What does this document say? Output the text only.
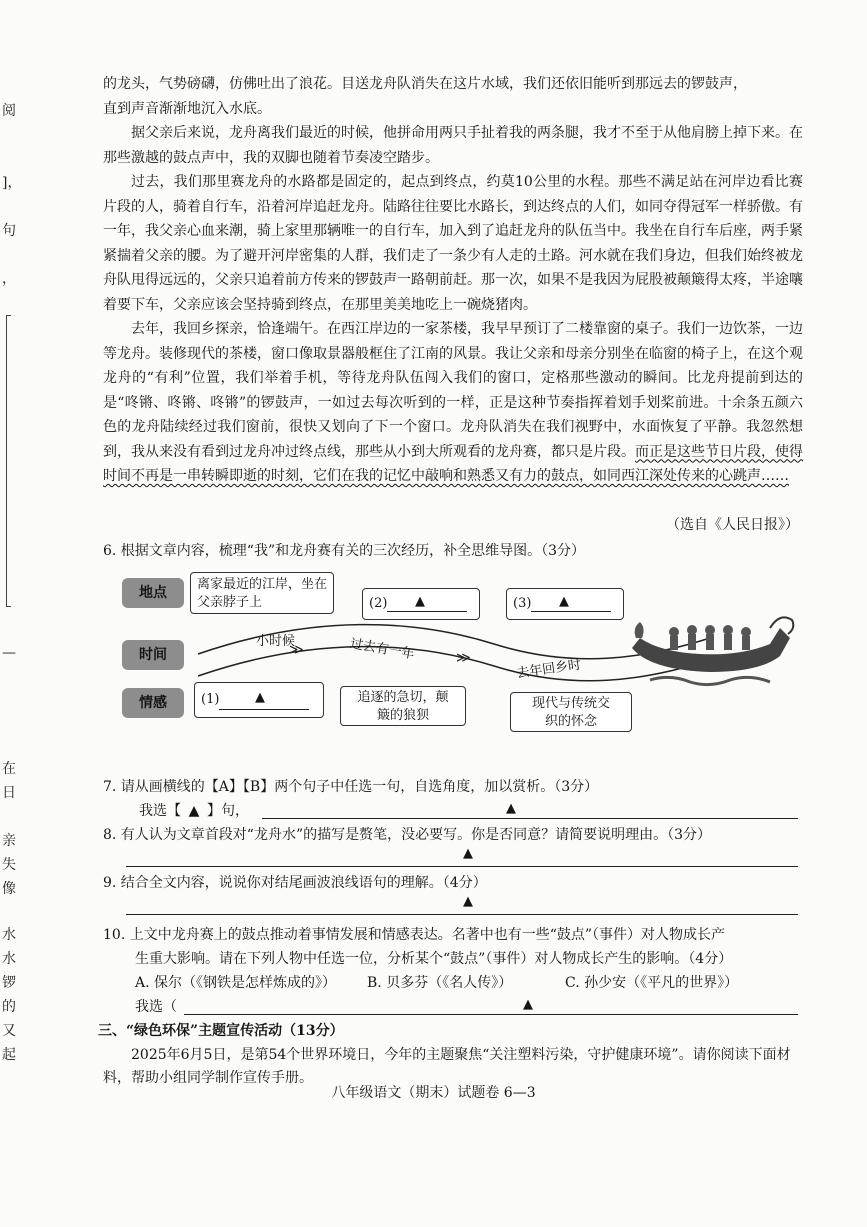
阅
]，
句
，
—
在
日
亲
失
像
水
水
锣
的
又
起

的龙头，气势磅礴，仿佛吐出了浪花。目送龙舟队消失在这片水域，我们还依旧能听到那远去的锣鼓声，

直到声音渐渐地沉入水底。

据父亲后来说，龙舟离我们最近的时候，他拼命用两只手扯着我的两条腿，我才不至于从他肩膀上掉下来。在那些激越的鼓点声中，我的双脚也随着节奏凌空踏步。

过去，我们那里赛龙舟的水路都是固定的，起点到终点，约莫10公里的水程。那些不满足站在河岸边看比赛片段的人，骑着自行车，沿着河岸追赶龙舟。陆路往往要比水路长，到达终点的人们，如同夺得冠军一样骄傲。有一年，我父亲心血来潮，骑上家里那辆唯一的自行车，加入到了追赶龙舟的队伍当中。我坐在自行车后座，两手紧紧揣着父亲的腰。为了避开河岸密集的人群，我们走了一条少有人走的土路。河水就在我们身边，但我们始终被龙舟队甩得远远的，父亲只追着前方传来的锣鼓声一路朝前赶。那一次，如果不是我因为屁股被颠簸得太疼，半途嚷着要下车，父亲应该会坚持骑到终点，在那里美美地吃上一碗烧猪肉。

去年，我回乡探亲，恰逢端午。在西江岸边的一家茶楼，我早早预订了二楼靠窗的桌子。我们一边饮茶，一边等龙舟。装修现代的茶楼，窗口像取景器般框住了江南的风景。我让父亲和母亲分别坐在临窗的椅子上，在这个观龙舟的“有利”位置，我们举着手机，等待龙舟队伍闯入我们的窗口，定格那些激动的瞬间。比龙舟提前到达的是“咚锵、咚锵、咚锵”的锣鼓声，一如过去每次听到的一样，正是这种节奏指挥着划手划桨前进。十余条五颜六色的龙舟陆续经过我们窗前，很快又划向了下一个窗口。龙舟队消失在我们视野中，水面恢复了平静。我忽然想到，我从来没有看到过龙舟冲过终点线，那些从小到大所观看的龙舟赛，都只是片段。而正是这些节日片段，使得时间不再是一串转瞬即逝的时刻，它们在我的记忆中敲响和熟悉又有力的鼓点，如同西江深处传来的心跳声……

（选自《人民日报》）
6. 根据文章内容，梳理“我”和龙舟赛有关的三次经历，补全思维导图。（3分）
地点
时间
情感
≫	≫
小时候	过去有一年
去年回乡时
离家最近的江岸，坐在父亲脖子上	(2) ▲	(3) ▲
(1)	▲	追逐的急切，颠簸的狼狈
现代与传统交织的怀念
7. 请从画横线的【A】【B】两个句子中任选一句，自选角度，加以赏析。（3分）
我选【 ▲ 】句，	▲
8. 有人认为文章首段对“龙舟水”的描写是赘笔，没必要写。你是否同意？请简要说明理由。（3分）
▲
9. 结合全文内容，说说你对结尾画波浪线语句的理解。（4分）
▲
10. 上文中龙舟赛上的鼓点推动着事情发展和情感表达。名著中也有一些“鼓点”（事件）对人物成长产
生重大影响。请在下列人物中任选一位，分析某个“鼓点”（事件）对人物成长产生的影响。（4分）
A. 保尔（《钢铁是怎样炼成的》） B. 贝多芬（《名人传》）	C. 孙少安（《平凡的世界》）
我选（	▲
三、“绿色环保”主题宣传活动（13分）
2025年6月5日，是第54个世界环境日，今年的主题聚焦“关注塑料污染，守护健康环境”。请你阅读下面材料，帮助小组同学制作宣传手册。
八年级语文（期末）试题卷 6—3
